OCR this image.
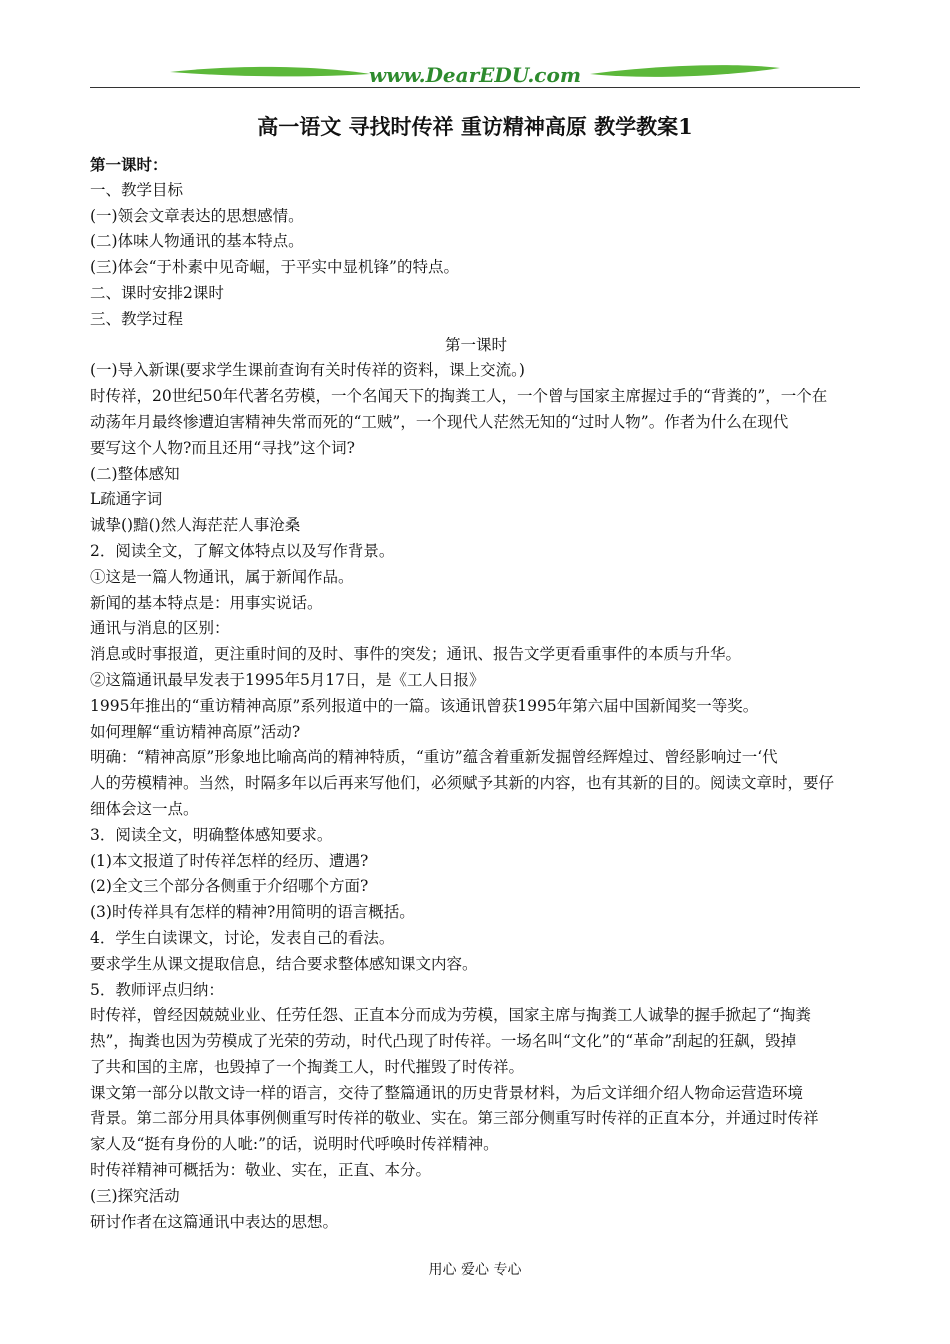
www.DearEDU.com
高一语文 寻找时传祥 重访精神高原 教学教案1
第一课时：
一、教学目标
(一)领会文章表达的思想感情。
(二)体味人物通讯的基本特点。
(三)体会“于朴素中见奇崛，于平实中显机锋”的特点。
二、课时安排2课时
三、教学过程
第一课时
(一)导入新课(要求学生课前查询有关时传祥的资料，课上交流。)
时传祥，20世纪50年代著名劳模，一个名闻天下的掏粪工人，一个曾与国家主席握过手的“背粪的”，一个在
动荡年月最终惨遭迫害精神失常而死的“工贼”，一个现代人茫然无知的“过时人物”。作者为什么在现代
要写这个人物?而且还用“寻找”这个词?
(二)整体感知
L疏通字词
诚挚()黯()然人海茫茫人事沧桑
2．阅读全文，了解文体特点以及写作背景。
①这是一篇人物通讯，属于新闻作品。
新闻的基本特点是：用事实说话。
通讯与消息的区别：
消息或时事报道，更注重时间的及时、事件的突发；通讯、报告文学更看重事件的本质与升华。
②这篇通讯最早发表于1995年5月17日，是《工人日报》
1995年推出的“重访精神高原”系列报道中的一篇。该通讯曾获1995年第六届中国新闻奖一等奖。
如何理解“重访精神高原”活动?
明确：“精神高原”形象地比喻高尚的精神特质，“重访”蕴含着重新发掘曾经辉煌过、曾经影响过一‘代
人的劳模精神。当然，时隔多年以后再来写他们，必须赋予其新的内容，也有其新的目的。阅读文章时，要仔
细体会这一点。
3．阅读全文，明确整体感知要求。
(1)本文报道了时传祥怎样的经历、遭遇?
(2)全文三个部分各侧重于介绍哪个方面?
(3)时传祥具有怎样的精神?用简明的语言概括。
4．学生白读课文，讨论，发表自己的看法。
要求学生从课文提取信息，结合要求整体感知课文内容。
5．教师评点归纳：
时传祥，曾经因兢兢业业、任劳任怨、正直本分而成为劳模，国家主席与掏粪工人诚挚的握手掀起了“掏粪
热”，掏粪也因为劳模成了光荣的劳动，时代凸现了时传祥。一场名叫“文化”的“革命”刮起的狂飙，毁掉
了共和国的主席，也毁掉了一个掏粪工人，时代摧毁了时传祥。
课文第一部分以散文诗一样的语言，交待了整篇通讯的历史背景材料，为后文详细介绍人物命运营造环境
背景。第二部分用具体事例侧重写时传祥的敬业、实在。第三部分侧重写时传祥的正直本分，并通过时传祥
家人及“挺有身份的人呲:”的话，说明时代呼唤时传祥精神。
时传祥精神可概括为：敬业、实在，正直、本分。
(三)探究活动
研讨作者在这篇通讯中表达的思想。
用心 爱心 专心
